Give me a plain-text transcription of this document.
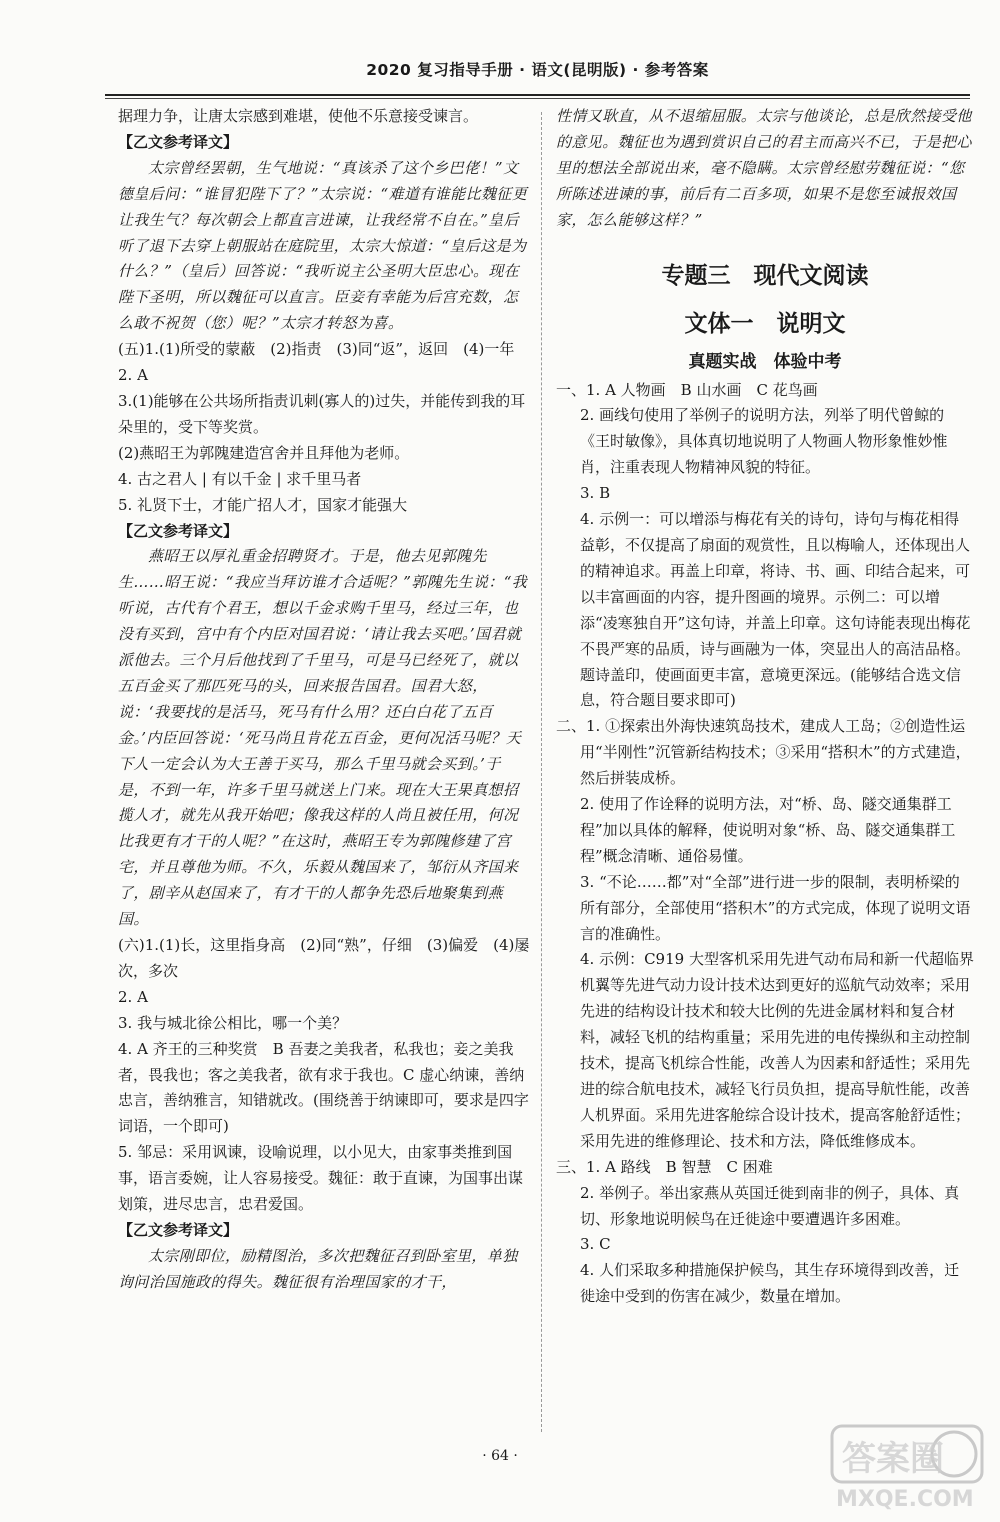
2020 复习指导手册 · 语文(昆明版) · 参考答案

据理力争，让唐太宗感到难堪，使他不乐意接受谏言。

【乙文参考译文】

太宗曾经罢朝，生气地说：“真该杀了这个乡巴佬！”文德皇后问：“谁冒犯陛下了？”太宗说：“难道有谁能比魏征更让我生气？每次朝会上都直言进谏，让我经常不自在。”皇后听了退下去穿上朝服站在庭院里，太宗大惊道：“皇后这是为什么？”（皇后）回答说：“我听说主公圣明大臣忠心。现在陛下圣明，所以魏征可以直言。臣妾有幸能为后宫充数，怎么敢不祝贺（您）呢？”太宗才转怒为喜。

(五)1.(1)所受的蒙蔽　(2)指责　(3)同“返”，返回　(4)一年

2. A

3.(1)能够在公共场所指责讥刺(寡人的)过失，并能传到我的耳朵里的，受下等奖赏。

(2)燕昭王为郭隗建造宫舍并且拜他为老师。

4. 古之君人 | 有以千金 | 求千里马者

5. 礼贤下士，才能广招人才，国家才能强大

【乙文参考译文】

燕昭王以厚礼重金招聘贤才。于是，他去见郭隗先生……昭王说：“我应当拜访谁才合适呢？”郭隗先生说：“我听说，古代有个君王，想以千金求购千里马，经过三年，也没有买到，宫中有个内臣对国君说：‘请让我去买吧。’国君就派他去。三个月后他找到了千里马，可是马已经死了，就以五百金买了那匹死马的头，回来报告国君。国君大怒，说：‘我要找的是活马，死马有什么用？还白白花了五百金。’内臣回答说：‘死马尚且肯花五百金，更何况活马呢？天下人一定会认为大王善于买马，那么千里马就会买到。’于是，不到一年，许多千里马就送上门来。现在大王果真想招揽人才，就先从我开始吧；像我这样的人尚且被任用，何况比我更有才干的人呢？”在这时，燕昭王专为郭隗修建了宫宅，并且尊他为师。不久，乐毅从魏国来了，邹衍从齐国来了，剧辛从赵国来了，有才干的人都争先恐后地聚集到燕国。

(六)1.(1)长，这里指身高　(2)同“熟”，仔细　(3)偏爱　(4)屡次，多次

2. A

3. 我与城北徐公相比，哪一个美？

4. A 齐王的三种奖赏　B 吾妻之美我者，私我也；妾之美我者，畏我也；客之美我者，欲有求于我也。C 虚心纳谏，善纳忠言，善纳雅言，知错就改。(围绕善于纳谏即可，要求是四字词语，一个即可)

5. 邹忌：采用讽谏，设喻说理，以小见大，由家事类推到国事，语言委婉，让人容易接受。魏征：敢于直谏，为国事出谋划策，进尽忠言，忠君爱国。

【乙文参考译文】

太宗刚即位，励精图治，多次把魏征召到卧室里，单独询问治国施政的得失。魏征很有治理国家的才干，

性情又耿直，从不退缩屈服。太宗与他谈论，总是欣然接受他的意见。魏征也为遇到赏识自己的君主而高兴不已，于是把心里的想法全部说出来，毫不隐瞒。太宗曾经慰劳魏征说：“您所陈述进谏的事，前后有二百多项，如果不是您至诚报效国家，怎么能够这样？”

专题三　现代文阅读

文体一　说明文

真题实战　体验中考

一、1. A 人物画　B 山水画　C 花鸟画

2. 画线句使用了举例子的说明方法，列举了明代曾鲸的《王时敏像》，具体真切地说明了人物画人物形象惟妙惟肖，注重表现人物精神风貌的特征。

3. B

4. 示例一：可以增添与梅花有关的诗句，诗句与梅花相得益彰，不仅提高了扇面的观赏性，且以梅喻人，还体现出人的精神追求。再盖上印章，将诗、书、画、印结合起来，可以丰富画面的内容，提升图画的境界。示例二：可以增添“凌寒独自开”这句诗，并盖上印章。这句诗能表现出梅花不畏严寒的品质，诗与画融为一体，突显出人的高洁品格。题诗盖印，使画面更丰富，意境更深远。(能够结合选文信息，符合题目要求即可)

二、1. ①探索出外海快速筑岛技术，建成人工岛；②创造性运用“半刚性”沉管新结构技术；③采用“搭积木”的方式建造，然后拼装成桥。

2. 使用了作诠释的说明方法，对“桥、岛、隧交通集群工程”加以具体的解释，使说明对象“桥、岛、隧交通集群工程”概念清晰、通俗易懂。

3. “不论……都”对“全部”进行进一步的限制，表明桥梁的所有部分，全部使用“搭积木”的方式完成，体现了说明文语言的准确性。

4. 示例：C919 大型客机采用先进气动布局和新一代超临界机翼等先进气动力设计技术达到更好的巡航气动效率；采用先进的结构设计技术和较大比例的先进金属材料和复合材料，减轻飞机的结构重量；采用先进的电传操纵和主动控制技术，提高飞机综合性能，改善人为因素和舒适性；采用先进的综合航电技术，减轻飞行员负担，提高导航性能，改善人机界面。采用先进客舱综合设计技术，提高客舱舒适性；采用先进的维修理论、技术和方法，降低维修成本。

三、1. A 路线　B 智慧　C 困难

2. 举例子。举出家燕从英国迁徙到南非的例子，具体、真切、形象地说明候鸟在迁徙途中要遭遇许多困难。

3. C

4. 人们采取多种措施保护候鸟，其生存环境得到改善，迁徙途中受到的伤害在减少，数量在增加。

· 64 ·	答案圈
MXQE.COM
